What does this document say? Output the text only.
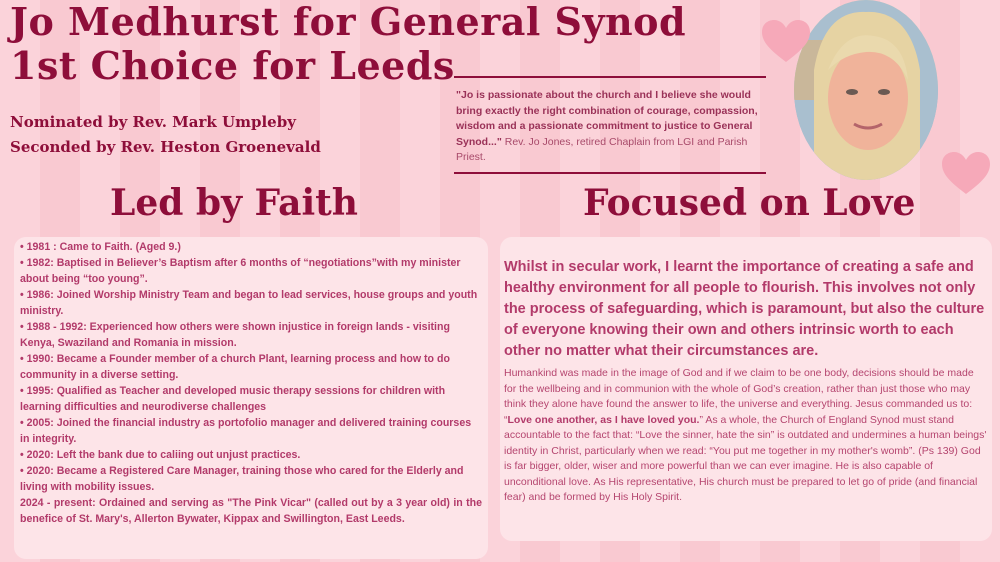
Jo Medhurst for General Synod
1st Choice for Leeds
Nominated by Rev. Mark Umpleby
Seconded by Rev. Heston Groenevald
"Jo is passionate about the church and I believe she would bring exactly the right combination of courage, compassion, wisdom and a passionate commitment to justice to General Synod..." Rev. Jo Jones, retired Chaplain from LGI and Parish Priest.
Led by Faith	Focused on Love
• 1981 : Came to Faith. (Aged 9.)
• 1982: Baptised in Believer’s Baptism after 6 months of “negotiations”with my minister about being “too young”.
• 1986: Joined Worship Ministry Team and began to lead services, house groups and youth ministry.
• 1988 - 1992: Experienced how others were shown injustice in foreign lands - visiting Kenya, Swaziland and Romania in mission.
• 1990: Became a Founder member of a church Plant, learning process and how to do community in a diverse setting.
• 1995: Qualified as Teacher and developed music therapy sessions for children with learning difficulties and neurodiverse challenges
• 2005: Joined the financial industry as portofolio manager and delivered training courses in integrity.
• 2020: Left the bank due to caliing out unjust practices.
• 2020: Became a Registered Care Manager, training those who cared for the Elderly and living with mobility issues.
2024 - present: Ordained and serving as "The Pink Vicar" (called out by a 3 year old) in the benefice of St. Mary's, Allerton Bywater, Kippax and Swillington, East Leeds.
Whilst in secular work, I learnt the importance of creating a safe and healthy environment for all people to flourish. This involves not only the process of safeguarding, which is paramount, but also the culture of everyone knowing their own and others intrinsic worth to each other no matter what their circumstances are.
Humankind was made in the image of God and if we claim to be one body, decisions should be made for the wellbeing and in communion with the whole of God’s creation, rather than just those who may think they alone have found the answer to life, the universe and everything. Jesus commanded us to: “Love one another, as I have loved you.” As a whole, the Church of England Synod must stand accountable to the fact that: “Love the sinner, hate the sin” is outdated and undermines a human beings' identity in Christ, particularly when we read: “You put me together in my mother's womb”. (Ps 139) God is far bigger, older, wiser and more powerful than we can ever imagine. He is also capable of unconditional love. As His representative, His church must be prepared to let go of pride (and financial fear) and be formed by His Holy Spirit.
